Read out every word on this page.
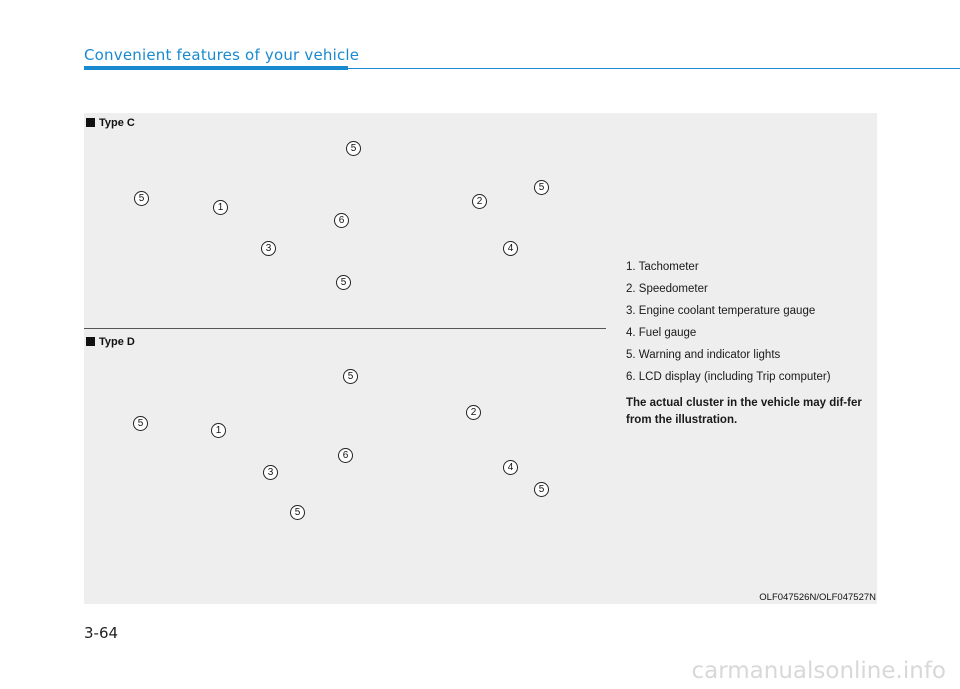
Convenient features of your vehicle
Type C
Type D
5
5
1
6
2
5
3	4
5
5
5
1
2
6
3	4
5
5
1. Tachometer
2. Speedometer
3. Engine coolant temperature gauge
4. Fuel gauge
5. Warning and indicator lights
6. LCD display (including Trip computer)
The actual cluster in the vehicle may dif-fer from the illustration.
OLF047526N/OLF047527N
3-64
carmanualsonline.info
